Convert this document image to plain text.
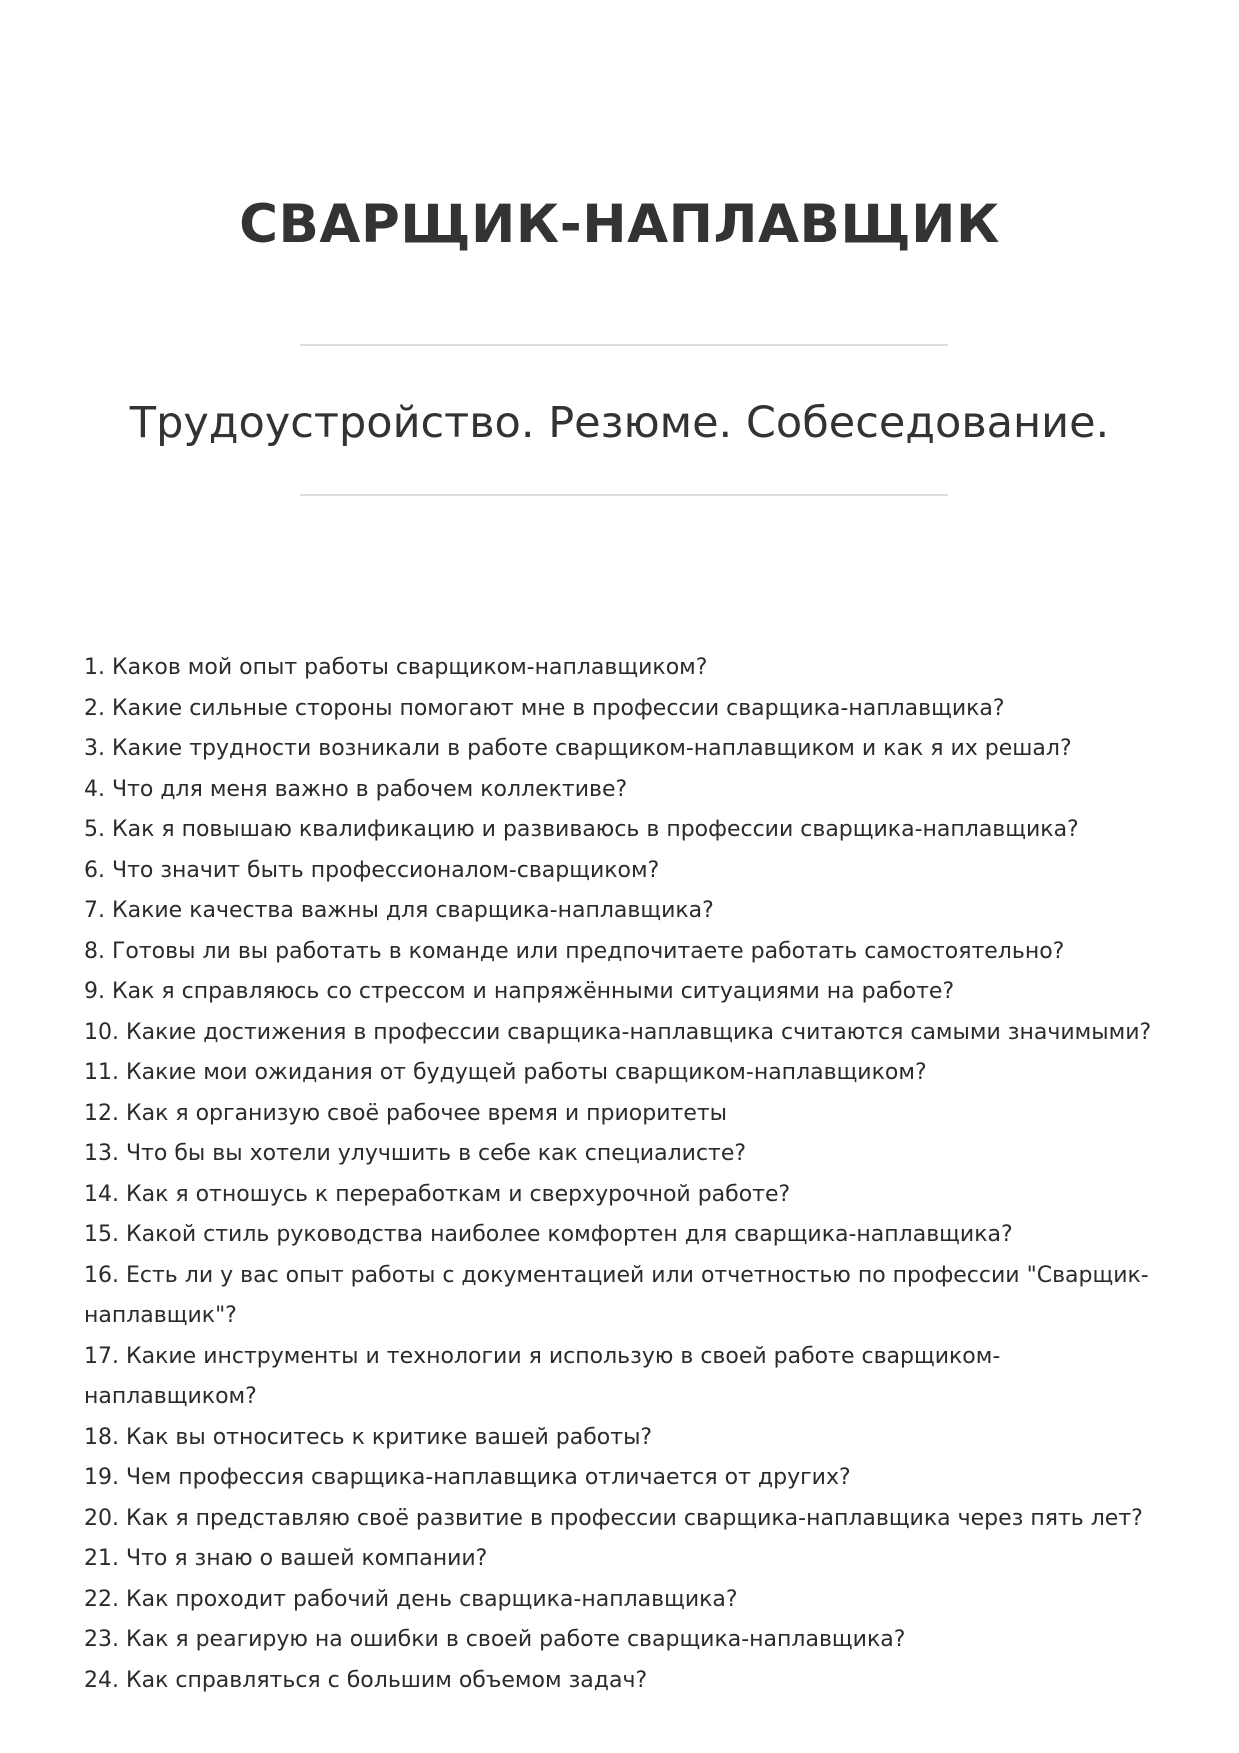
СВАРЩИК-НАПЛАВЩИК
Трудоустройство. Резюме. Собеседование.
1. Каков мой опыт работы сварщиком-наплавщиком?
2. Какие сильные стороны помогают мне в профессии сварщика-наплавщика?
3. Какие трудности возникали в работе сварщиком-наплавщиком и как я их решал?
4. Что для меня важно в рабочем коллективе?
5. Как я повышаю квалификацию и развиваюсь в профессии сварщика-наплавщика?
6. Что значит быть профессионалом-сварщиком?
7. Какие качества важны для сварщика-наплавщика?
8. Готовы ли вы работать в команде или предпочитаете работать самостоятельно?
9. Как я справляюсь со стрессом и напряжёнными ситуациями на работе?
10. Какие достижения в профессии сварщика-наплавщика считаются самыми значимыми?
11. Какие мои ожидания от будущей работы сварщиком-наплавщиком?
12. Как я организую своё рабочее время и приоритеты
13. Что бы вы хотели улучшить в себе как специалисте?
14. Как я отношусь к переработкам и сверхурочной работе?
15. Какой стиль руководства наиболее комфортен для сварщика-наплавщика?
16. Есть ли у вас опыт работы с документацией или отчетностью по профессии "Сварщик-наплавщик"?
17. Какие инструменты и технологии я использую в своей работе сварщиком-наплавщиком?
18. Как вы относитесь к критике вашей работы?
19. Чем профессия сварщика-наплавщика отличается от других?
20. Как я представляю своё развитие в профессии сварщика-наплавщика через пять лет?
21. Что я знаю о вашей компании?
22. Как проходит рабочий день сварщика-наплавщика?
23. Как я реагирую на ошибки в своей работе сварщика-наплавщика?
24. Как справляться с большим объемом задач?
